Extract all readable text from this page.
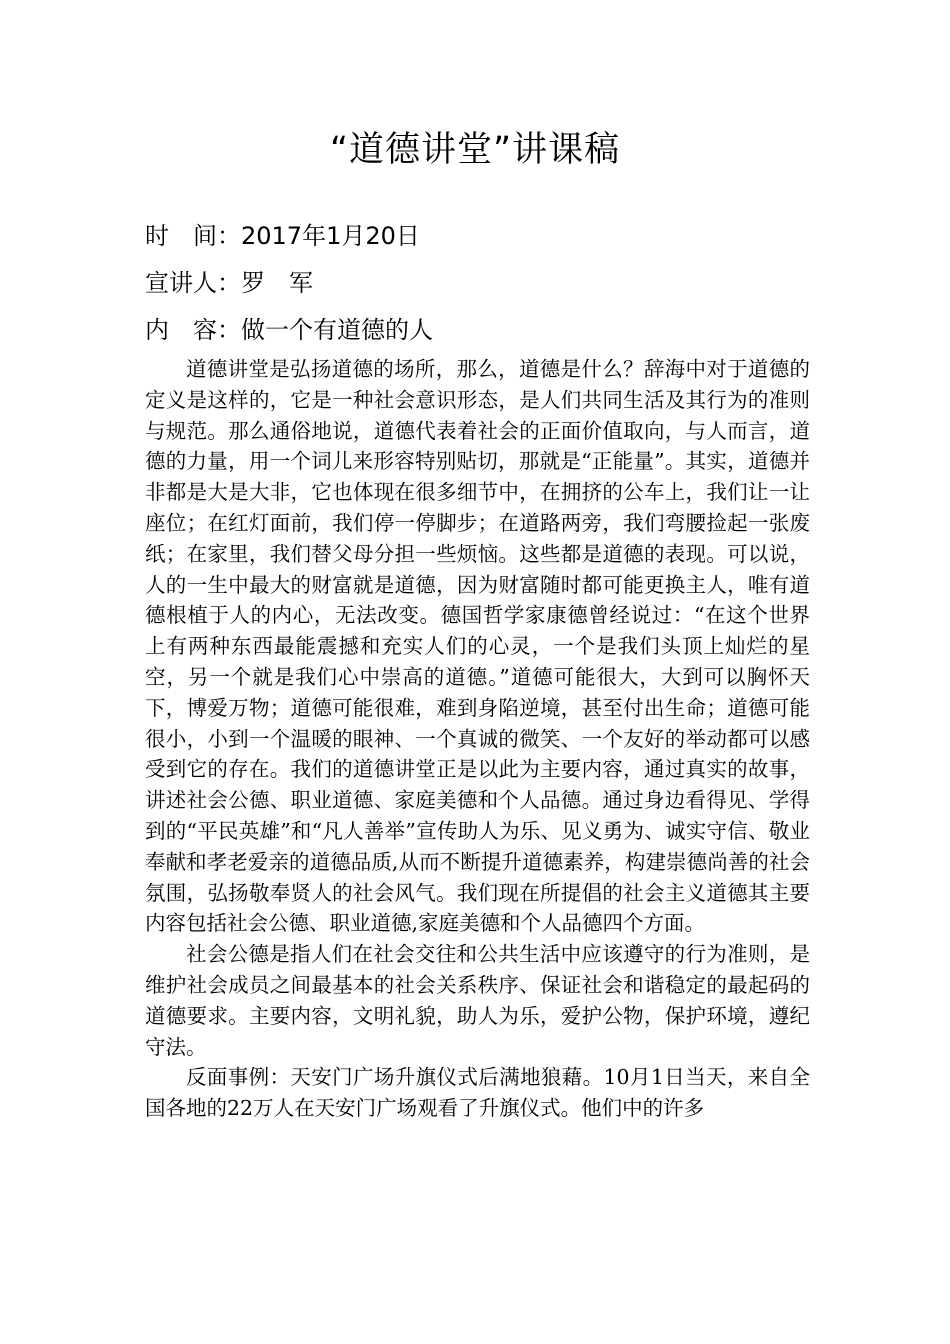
“道德讲堂”讲课稿
时　间：2017年1月20日
宣讲人：罗　军
内　容：做一个有道德的人

道德讲堂是弘扬道德的场所，那么，道德是什么？辞海中对于道德的定义是这样的，它是一种社会意识形态，是人们共同生活及其行为的准则与规范。那么通俗地说，道德代表着社会的正面价值取向，与人而言，道德的力量，用一个词儿来形容特别贴切，那就是“正能量”。其实，道德并非都是大是大非，它也体现在很多细节中，在拥挤的公车上，我们让一让座位；在红灯面前，我们停一停脚步；在道路两旁，我们弯腰捡起一张废纸；在家里，我们替父母分担一些烦恼。这些都是道德的表现。可以说，人的一生中最大的财富就是道德，因为财富随时都可能更换主人，唯有道德根植于人的内心，无法改变。德国哲学家康德曾经说过：“在这个世界上有两种东西最能震撼和充实人们的心灵，一个是我们头顶上灿烂的星空，另一个就是我们心中崇高的道德。”道德可能很大，大到可以胸怀天下，博爱万物；道德可能很难，难到身陷逆境，甚至付出生命；道德可能很小，小到一个温暖的眼神、一个真诚的微笑、一个友好的举动都可以感受到它的存在。我们的道德讲堂正是以此为主要内容，通过真实的故事，讲述社会公德、职业道德、家庭美德和个人品德。通过身边看得见、学得到的“平民英雄”和“凡人善举”宣传助人为乐、见义勇为、诚实守信、敬业奉献和孝老爱亲的道德品质,从而不断提升道德素养，构建崇德尚善的社会氛围，弘扬敬奉贤人的社会风气。我们现在所提倡的社会主义道德其主要内容包括社会公德、职业道德,家庭美德和个人品德四个方面。

社会公德是指人们在社会交往和公共生活中应该遵守的行为准则，是维护社会成员之间最基本的社会关系秩序、保证社会和谐稳定的最起码的道德要求。主要内容，文明礼貌，助人为乐，爱护公物，保护环境，遵纪守法。

反面事例：天安门广场升旗仪式后满地狼藉。10月1日当天，来自全国各地的22万人在天安门广场观看了升旗仪式。他们中的许多
